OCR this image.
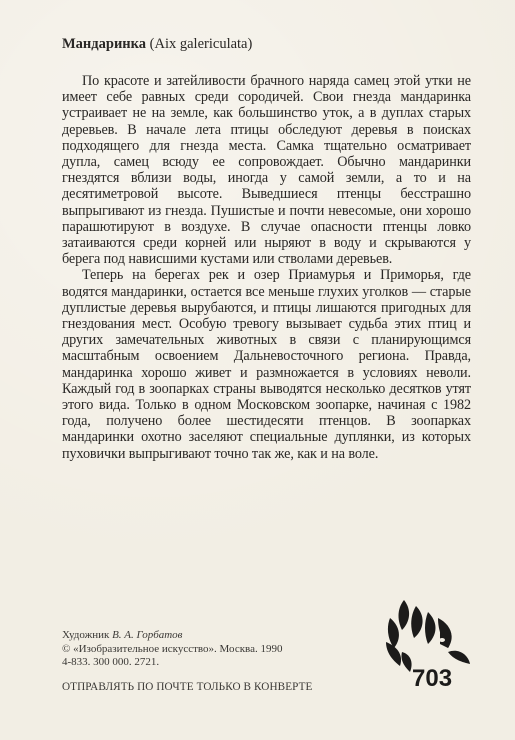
Мандаринка (Aix galericulata)

По красоте и затейливости брачного наряда самец этой утки не имеет себе равных среди сородичей. Свои гнезда мандаринка устраивает не на земле, как большинство уток, а в дуплах старых деревьев. В начале лета птицы обследуют деревья в поисках подходящего для гнезда места. Самка тщательно осматривает дупла, самец всюду ее сопровождает. Обычно мандаринки гнездятся вблизи воды, иногда у самой земли, а то и на десятиметровой высоте. Выведшиеся птенцы бесстрашно выпрыгивают из гнезда. Пушистые и почти невесомые, они хорошо парашютируют в воздухе. В случае опасности птенцы ловко затаиваются среди корней или ныряют в воду и скрываются у берега под нависшими кустами или стволами деревьев.

Теперь на берегах рек и озер Приамурья и Приморья, где водятся мандаринки, остается все меньше глухих уголков — старые дуплистые деревья вырубаются, и птицы лишаются пригодных для гнездования мест. Особую тревогу вызывает судьба этих птиц и других замечательных животных в связи с планирующимся масштабным освоением Дальневосточного региона. Правда, мандаринка хорошо живет и размножается в условиях неволи. Каждый год в зоопарках страны выводятся несколько десятков утят этого вида. Только в одном Московском зоопарке, начиная с 1982 года, получено более шестидесяти птенцов. В зоопарках мандаринки охотно заселяют специальные дуплянки, из которых пуховички выпрыгивают точно так же, как и на воле.

Художник В. А. Горбатов
© «Изобразительное искусство». Москва. 1990
4-833. 300 000. 2721.
ОТПРАВЛЯТЬ ПО ПОЧТЕ ТОЛЬКО В КОНВЕРТЕ	703
